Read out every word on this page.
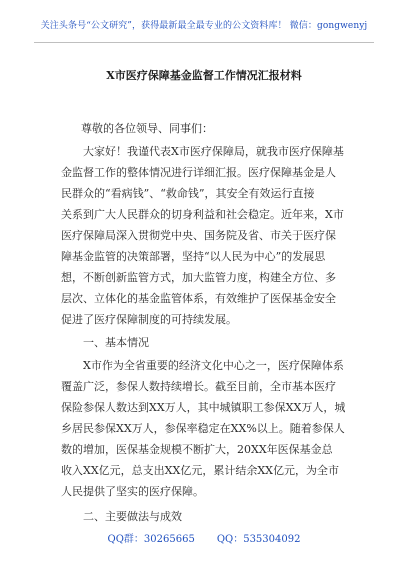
关注头条号“公文研究”，获得最新最全最专业的公文资料库！ 微信：gongwenyj
X市医疗保障基金监督工作情况汇报材料
尊敬的各位领导、同事们：
大家好！我谨代表X市医疗保障局，就我市医疗保障基
金监督工作的整体情况进行详细汇报。医疗保障基金是人
民群众的“看病钱”、“救命钱”，其安全有效运行直接
关系到广大人民群众的切身利益和社会稳定。近年来，X市
医疗保障局深入贯彻党中央、国务院及省、市关于医疗保
障基金监管的决策部署，坚持“以人民为中心”的发展思
想，不断创新监管方式，加大监管力度，构建全方位、多
层次、立体化的基金监管体系，有效维护了医保基金安全
促进了医疗保障制度的可持续发展。
一、基本情况
X市作为全省重要的经济文化中心之一，医疗保障体系
覆盖广泛，参保人数持续增长。截至目前，全市基本医疗
保险参保人数达到XX万人，其中城镇职工参保XX万人，城
乡居民参保XX万人，参保率稳定在XX%以上。随着参保人
数的增加，医保基金规模不断扩大，20XX年医保基金总
收入XX亿元，总支出XX亿元，累计结余XX亿元，为全市
人民提供了坚实的医疗保障。
二、主要做法与成效
QQ群：30265665 QQ：535304092
